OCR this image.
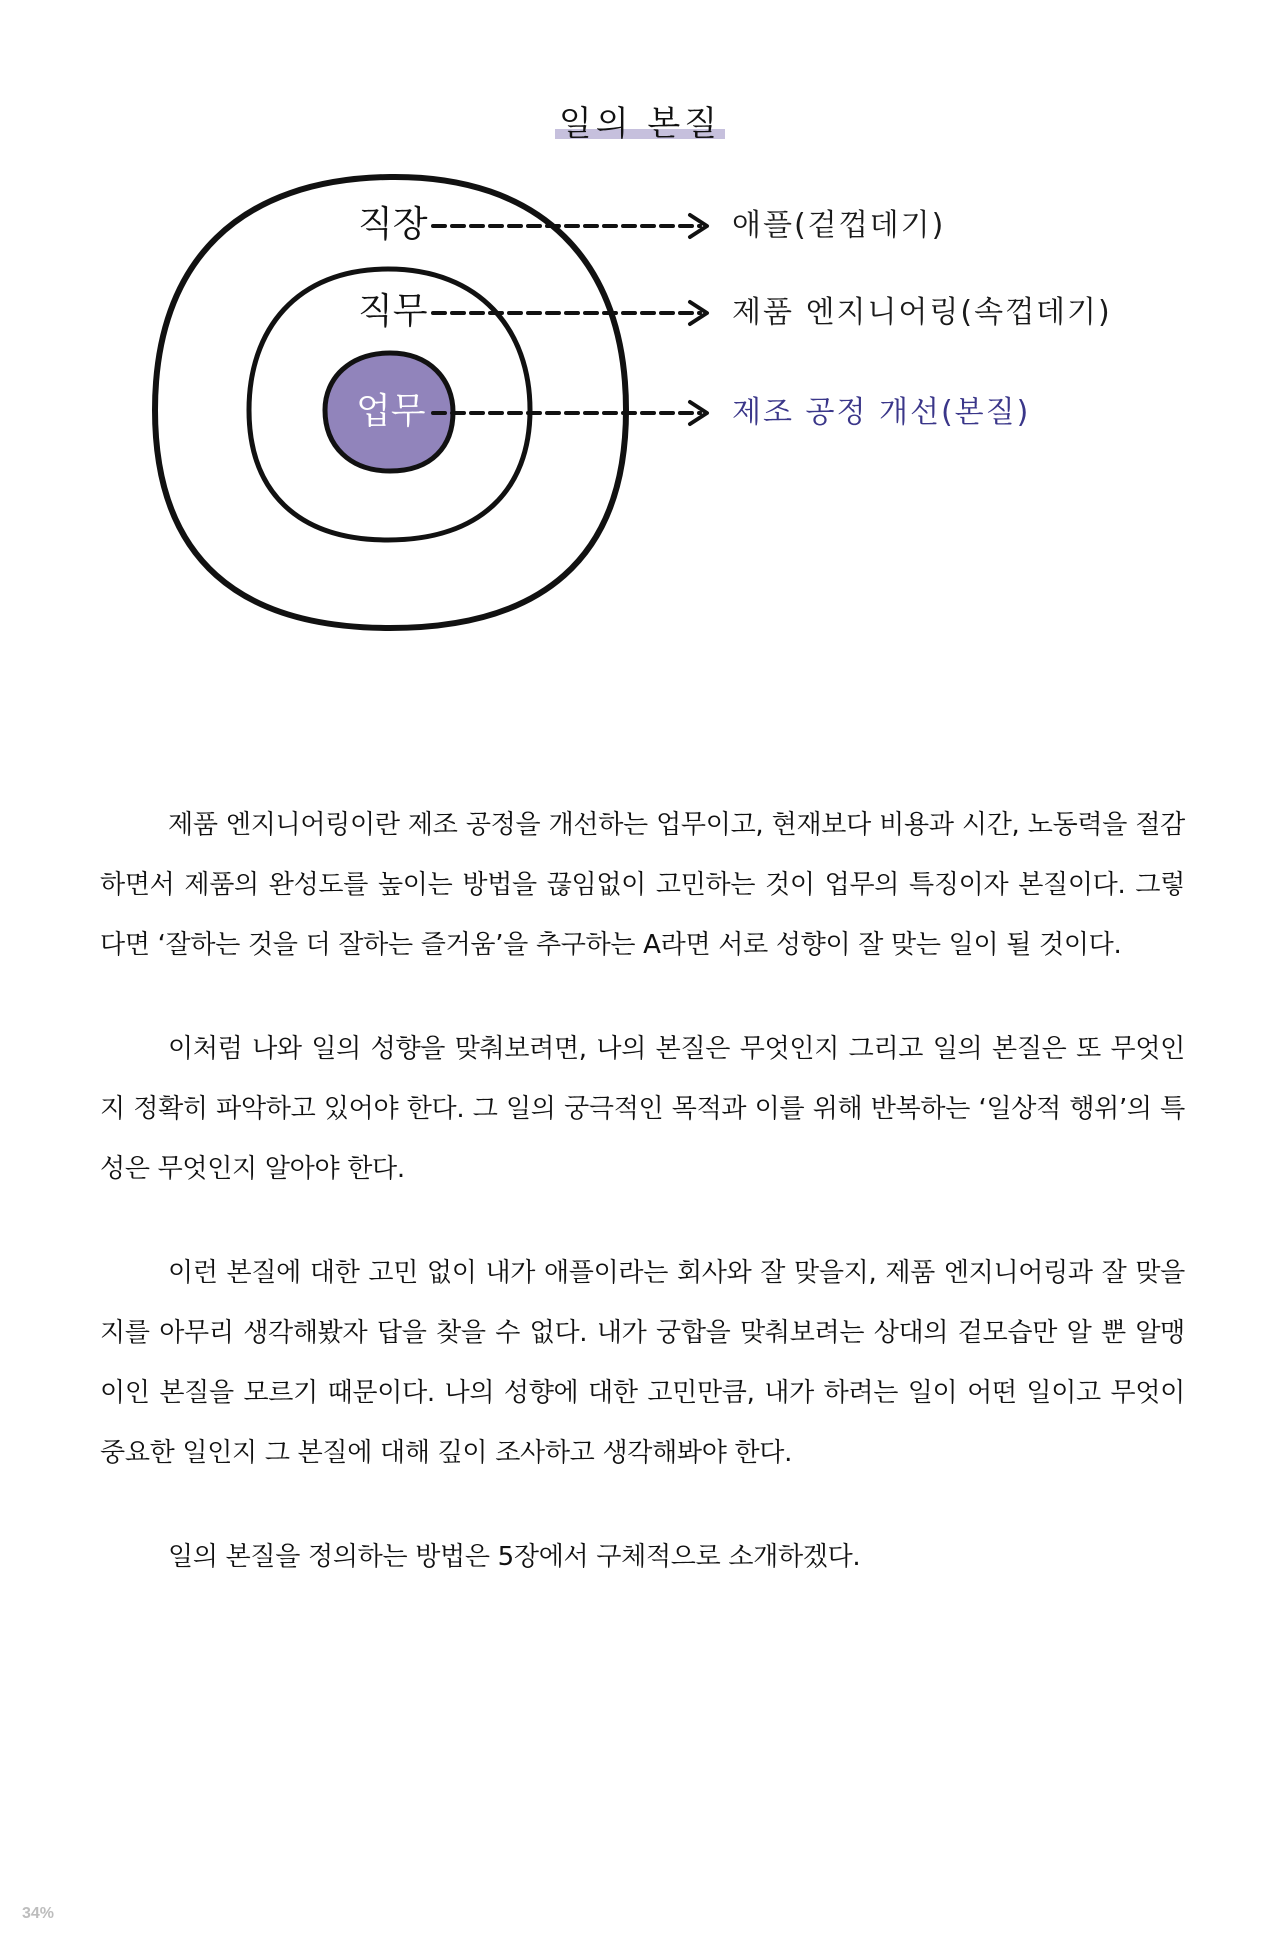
일의 본질
직장
직무
업무
애플(겉껍데기)
제품 엔지니어링(속껍데기)
제조 공정 개선(본질)

제품 엔지니어링이란 제조 공정을 개선하는 업무이고, 현재보다 비용과 시간, 노동력을 절감하면서 제품의 완성도를 높이는 방법을 끊임없이 고민하는 것이 업무의 특징이자 본질이다. 그렇다면 ‘잘하는 것을 더 잘하는 즐거움’을 추구하는 A라면 서로 성향이 잘 맞는 일이 될 것이다.

이처럼 나와 일의 성향을 맞춰보려면, 나의 본질은 무엇인지 그리고 일의 본질은 또 무엇인지 정확히 파악하고 있어야 한다. 그 일의 궁극적인 목적과 이를 위해 반복하는 ‘일상적 행위’의 특성은 무엇인지 알아야 한다.

이런 본질에 대한 고민 없이 내가 애플이라는 회사와 잘 맞을지, 제품 엔지니어링과 잘 맞을지를 아무리 생각해봤자 답을 찾을 수 없다. 내가 궁합을 맞춰보려는 상대의 겉모습만 알 뿐 알맹이인 본질을 모르기 때문이다. 나의 성향에 대한 고민만큼, 내가 하려는 일이 어떤 일이고 무엇이 중요한 일인지 그 본질에 대해 깊이 조사하고 생각해봐야 한다.

일의 본질을 정의하는 방법은 5장에서 구체적으로 소개하겠다.

34%
